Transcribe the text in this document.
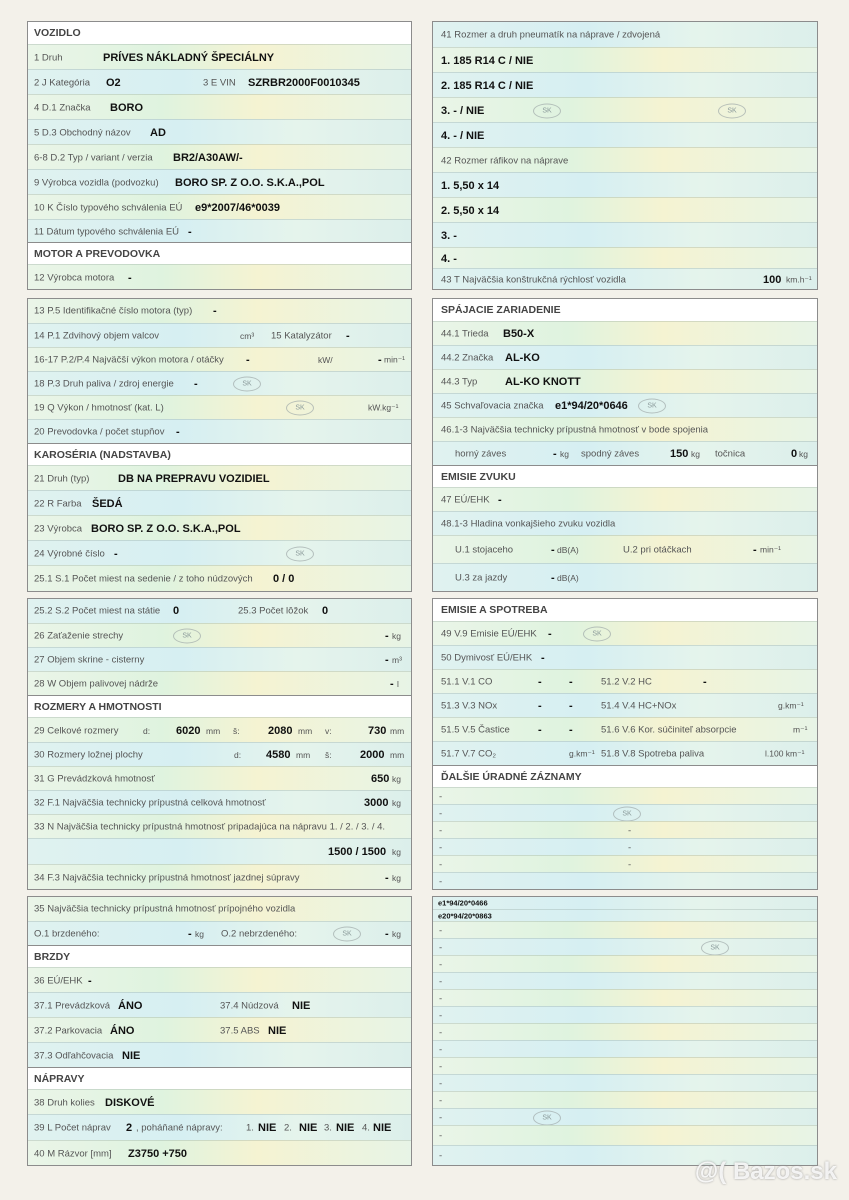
VOZIDLO
1 Druh	PRÍVES NÁKLADNÝ ŠPECIÁLNY
2 J Kategória O2	3 E VIN SZRBR2000F0010345
4 D.1 Značka BORO
5 D.3 Obchodný názov AD
6-8 D.2 Typ / variant / verzia BR2/A30AW/-
9 Výrobca vozidla (podvozku) BORO SP. Z O.O. S.K.A.,POL
10 K Číslo typového schválenia EÚ e9*2007/46*0039
11 Dátum typového schválenia EÚ -
MOTOR A PREVODOVKA
12 Výrobca motora -
41 Rozmer a druh pneumatík na nápravе / zdvojená
1. 185 R14 C / NIE
2. 185 R14 C / NIE
3. - / NIE	SK	SK
4. - / NIE
42 Rozmer ráfikov na nápravе
1. 5,50 x 14
2. 5,50 x 14
3. -
4. -
43 T Najväčšia konštrukčná rýchlosť vozidla	100 km.h⁻¹
13 P.5 Identifikačné číslo motora (typ) -
14 P.1 Zdvihový objem valcov	cm³ 15 Katalyzátor -
16-17 P.2/P.4 Najväčší výkon motora / otáčky -	kW/	- min⁻¹
18 P.3 Druh paliva / zdroj energie -	SK
19 Q Výkon / hmotnosť (kat. L)	SK	kW.kg⁻¹
20 Prevodovka / počet stupňov -
KAROSÉRIA (NADSTAVBA)
21 Druh (typ)	DB NA PREPRAVU VOZIDIEL
22 R Farba ŠEDÁ
23 Výrobca BORO SP. Z O.O. S.K.A.,POL
24 Výrobné číslo -	SK
25.1 S.1 Počet miest na sedenie / z toho núdzových 0 / 0
SPÁJACIE ZARIADENIE
44.1 Trieda B50-X
44.2 Značka AL-KO
44.3 Typ	AL-KO KNOTT
45 Schvaľovacia značka e1*94/20*0646	SK
46.1-3 Najväčšia technicky prípustná hmotnosť v bode spojenia
horný záves	- kg spodný záves	150 kg točnica	0 kg
EMISIE ZVUKU
47 EÚ/EHK -
48.1-3 Hladina vonkajšieho zvuku vozidla
U.1 stojaceho	- dB(A)	U.2 pri otáčkach	- min⁻¹
U.3 za jazdy	- dB(A)
25.2 S.2 Počet miest na státie 0	25.3 Počet lôžok 0
26 Zaťaženie strechy	SK	- kg
27 Objem skrine - cisterny	- m³
28 W Objem palivovej nádrže	- l
ROZMERY A HMOTNOSTI
29 Celkové rozmery	d: 6020 mm š:	2080 mm v:	730 mm
30 Rozmery ložnej plochy	d: 4580 mm š:	2000 mm
31 G Prevádzková hmotnosť	650 kg
32 F.1 Najväčšia technicky prípustná celková hmotnosť	3000 kg
33 N Najväčšia technicky prípustná hmotnosť pripadajúca na nápravu 1. / 2. / 3. / 4.
1500 / 1500 kg
34 F.3 Najväčšia technicky prípustná hmotnosť jazdnej súpravy	- kg
EMISIE A SPOTREBA
49 V.9 Emisie EÚ/EHK -	SK
50 Dymivosť EÚ/EHK -
51.1 V.1 CO	- -	51.2 V.2 HC	-
51.3 V.3 NOx	- -	51.4 V.4 HC+NOx	g.km⁻¹
51.5 V.5 Častice	- -	51.6 V.6 Kor. súčiniteľ absorpcie	m⁻¹
51.7 V.7 CO₂	g.km⁻¹ 51.8 V.8 Spotreba paliva	l.100 km⁻¹
ĎALŠIE ÚRADNÉ ZÁZNAMY
-
-	SK
-	-
-	-
-	-
-
35 Najväčšia technicky prípustná hmotnosť prípojného vozidla
O.1 brzdeného:	- kg O.2 nebrzdeného:	SK	- kg
BRZDY
36 EÚ/EHK -
37.1 Prevádzková ÁNO	37.4 Núdzová NIE
37.2 Parkovacia ÁNO	37.5 ABS NIE
37.3 Odľahčovacia NIE
NÁPRAVY
38 Druh kolies DISKOVÉ
39 L Počet náprav 2 , poháňané nápravy: 1. NIE 2. NIE 3. NIE 4. NIE
40 M Rázvor [mm] Z3750 +750
e1*94/20*0466
e20*94/20*0863
-
-	SK
-
-
-
-
-
-
-
-
-
-	SK
-
-
@( Bazos.sk
